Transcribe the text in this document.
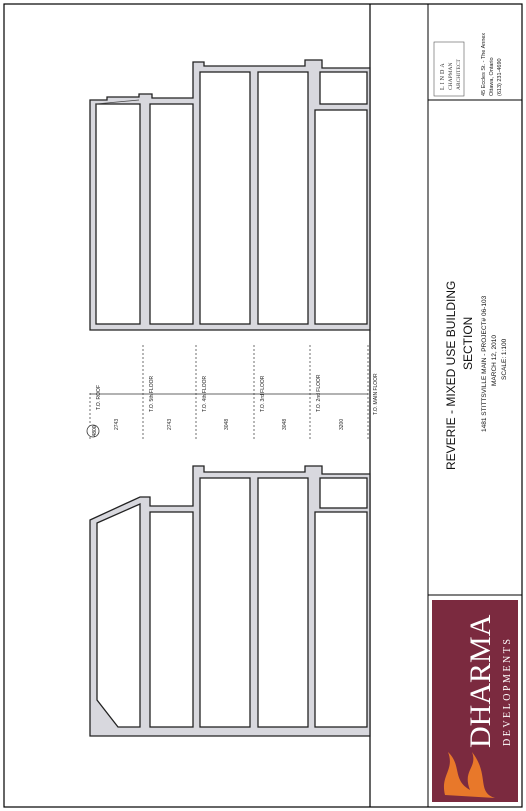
4800
T.O. ROOF	T.O. 5th FLOOR	T.O. 4th FLOOR	T.O. 3rd FLOOR	T.O. 2nd FLOOR	T.O. MAIN FLOOR
2743	2743	3048	3048	3200	REVERIE - MIXED USE BUILDING SECTION 1481 STITTSVILLE MAIN - PROJECT# 06-103 MARCH 12, 2010 SCALE: 1:100
LINDA CHAPMAN ARCHITECT	45 Eccles St. - The Annex Ottawa, Ontario (613) 231-4690
DHARMA DEVELOPMENTS
